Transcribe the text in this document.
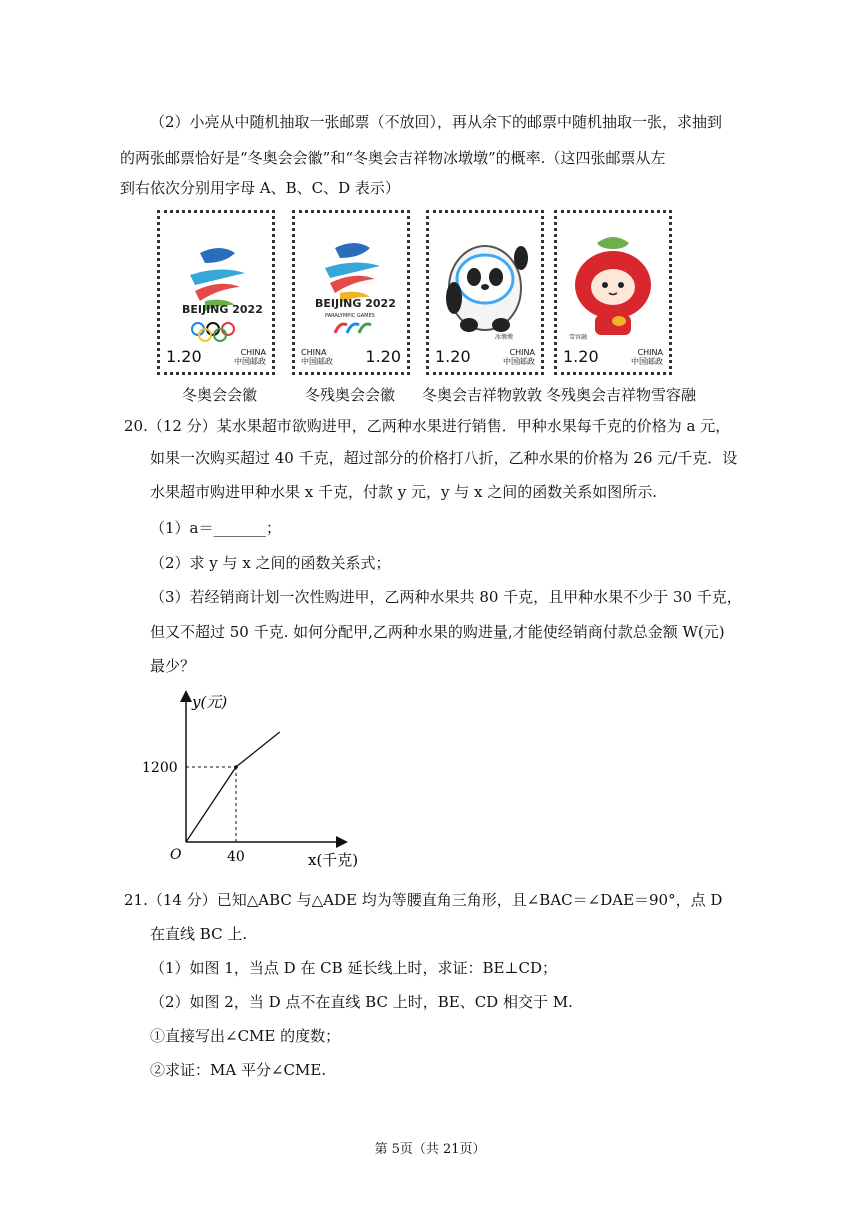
（2）小亮从中随机抽取一张邮票（不放回），再从余下的邮票中随机抽取一张，求抽到
的两张邮票恰好是“冬奥会会徽”和“冬奥会吉祥物冰墩墩”的概率.（这四张邮票从左
到右依次分别用字母 A、B、C、D 表示）
BEIJING 2022
1.20	CHINA
中国邮政
BEIJING 2022
PARALYMPIC GAMES
CHINA
中国邮政 1.20
冰墩墩
1.20	CHINA
中国邮政
雪容融
1.20	CHINA
中国邮政
冬奥会会徽	冬残奥会会徽 冬奥会吉祥物敦敦 冬残奥会吉祥物雪容融
20.（12 分）某水果超市欲购进甲，乙两种水果进行销售．甲种水果每千克的价格为 a 元，
如果一次购买超过 40 千克，超过部分的价格打八折，乙种水果的价格为 26 元/千克．设
水果超市购进甲种水果 x 千克，付款 y 元，y 与 x 之间的函数关系如图所示.
（1）a＝_______；
（2）求 y 与 x 之间的函数关系式；
（3）若经销商计划一次性购进甲，乙两种水果共 80 千克，且甲种水果不少于 30 千克，
但又不超过 50 千克. 如何分配甲,乙两种水果的购进量,才能使经销商付款总金额 W(元)
最少？
y(元)
x(千克)
O	40
1200
21.（14 分）已知△ABC 与△ADE 均为等腰直角三角形，且∠BAC＝∠DAE＝90°，点 D
在直线 BC 上.
（1）如图 1，当点 D 在 CB 延长线上时，求证：BE⊥CD；
（2）如图 2，当 D 点不在直线 BC 上时，BE、CD 相交于 M.
①直接写出∠CME 的度数；
②求证：MA 平分∠CME.
第 5页（共 21页）
